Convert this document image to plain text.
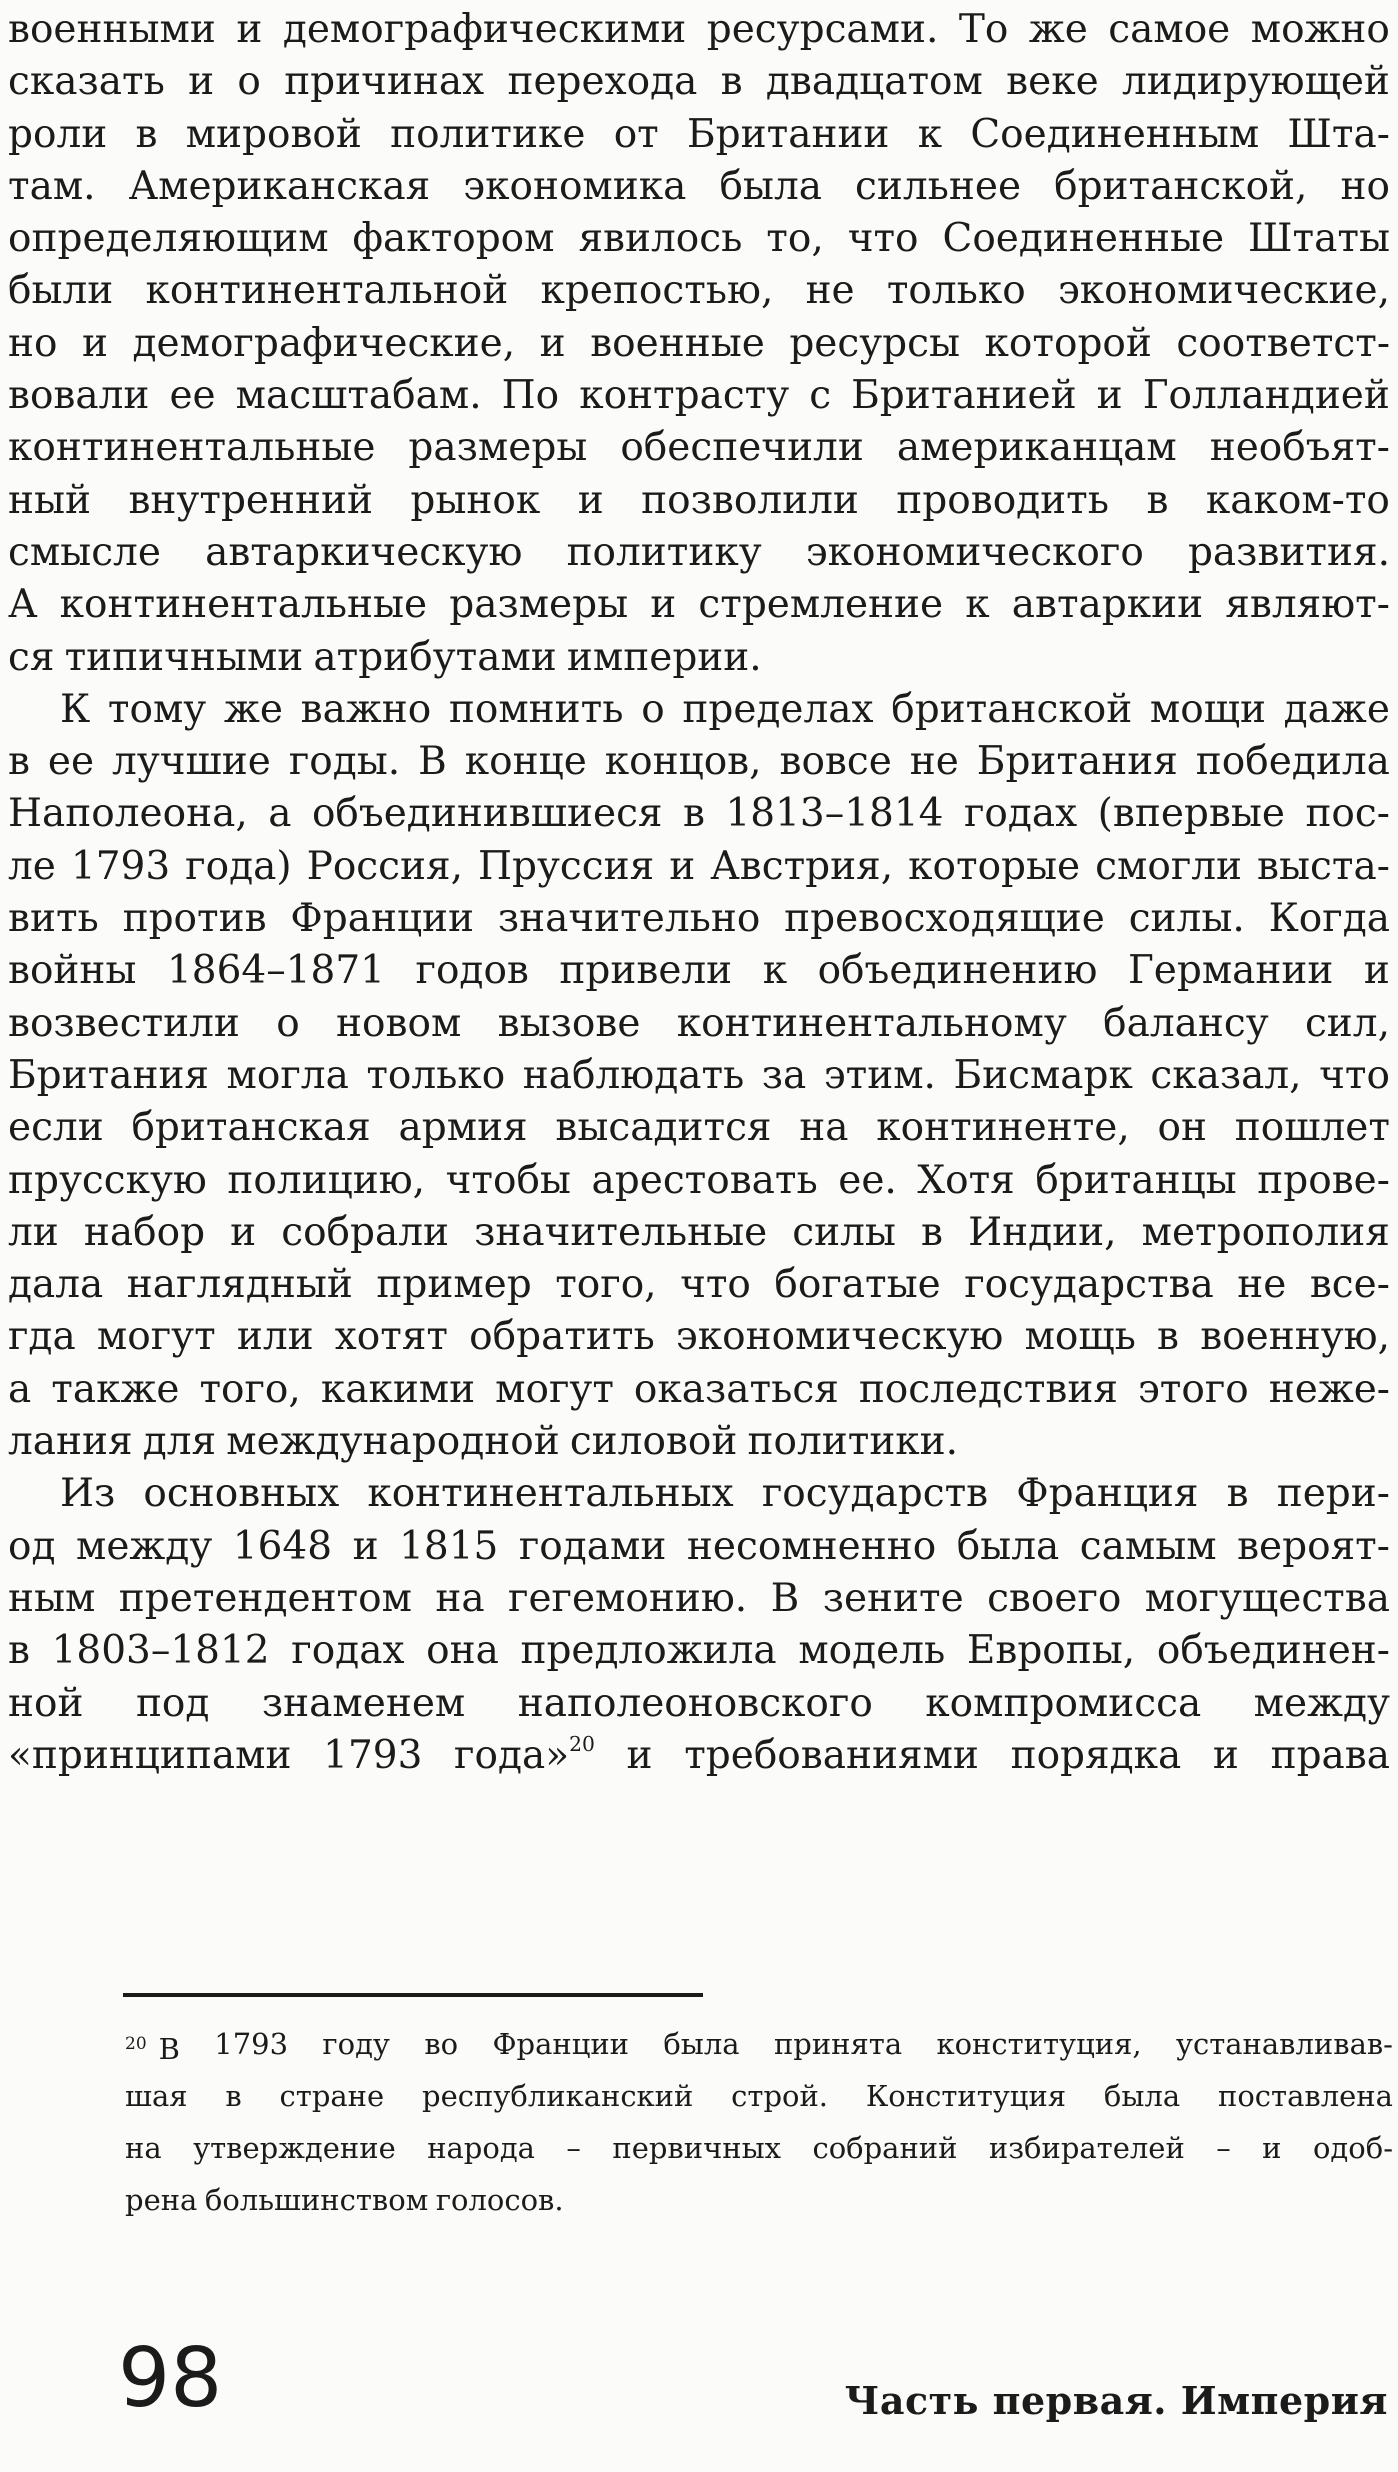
военными и демографическими ресурсами. То же самое можно
сказать и о причинах перехода в двадцатом веке лидирующей
роли в мировой политике от Британии к Соединенным Шта-
там. Американская экономика была сильнее британской, но
определяющим фактором явилось то, что Соединенные Штаты
были континентальной крепостью, не только экономические,
но и демографические, и военные ресурсы которой соответст-
вовали ее масштабам. По контрасту с Британией и Голландией
континентальные размеры обеспечили американцам необъят-
ный внутренний рынок и позволили проводить в каком-то
смысле автаркическую политику экономического развития.
А континентальные размеры и стремление к автаркии являют-
ся типичными атрибутами империи.
К тому же важно помнить о пределах британской мощи даже
в ее лучшие годы. В конце концов, вовсе не Британия победила
Наполеона, а объединившиеся в 1813–1814 годах (впервые пос-
ле 1793 года) Россия, Пруссия и Австрия, которые смогли выста-
вить против Франции значительно превосходящие силы. Когда
войны 1864–1871 годов привели к объединению Германии и
возвестили о новом вызове континентальному балансу сил,
Британия могла только наблюдать за этим. Бисмарк сказал, что
если британская армия высадится на континенте, он пошлет
прусскую полицию, чтобы арестовать ее. Хотя британцы прове-
ли набор и собрали значительные силы в Индии, метрополия
дала наглядный пример того, что богатые государства не все-
гда могут или хотят обратить экономическую мощь в военную,
а также того, какими могут оказаться последствия этого неже-
лания для международной силовой политики.
Из основных континентальных государств Франция в пери-
од между 1648 и 1815 годами несомненно была самым вероят-
ным претендентом на гегемонию. В зените своего могущества
в 1803–1812 годах она предложила модель Европы, объединен-
ной под знаменем наполеоновского компромисса между
«принципами 1793 года»$^{20}$ и требованиями порядка и права
$^{20}$ В 1793 году во Франции была принята конституция, устанавливав-
шая в стране республиканский строй. Конституция была поставлена
на утверждение народа – первичных собраний избирателей – и одоб-
рена большинством голосов.
98	Часть первая. Империя
